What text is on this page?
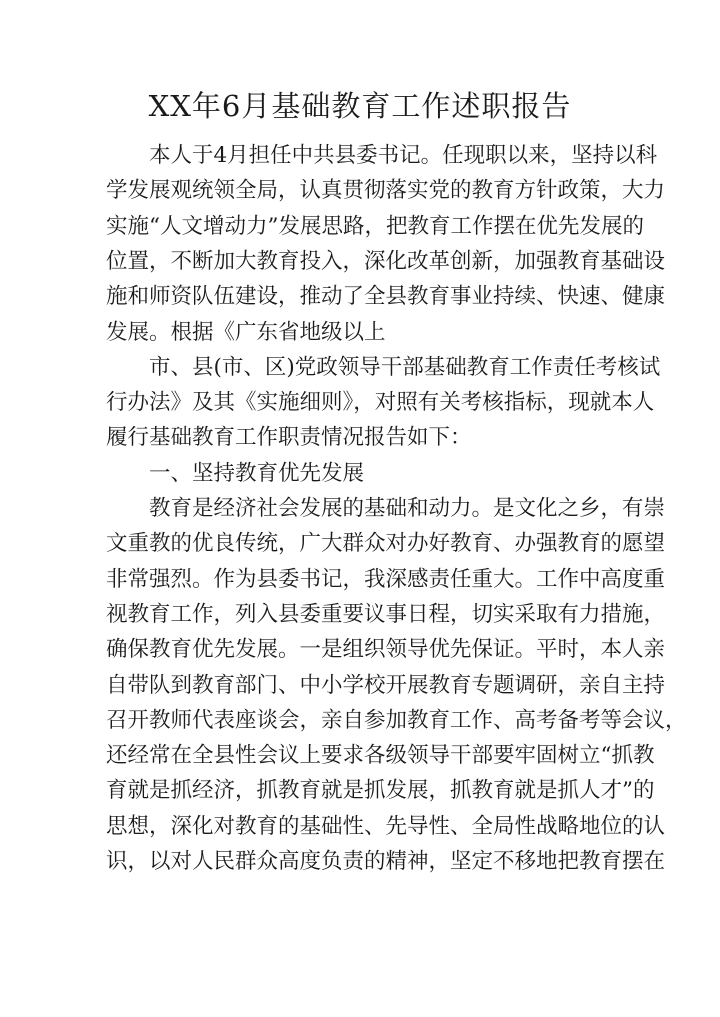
XX年6月基础教育工作述职报告
本人于4月担任中共县委书记。任现职以来，坚持以科
学发展观统领全局，认真贯彻落实党的教育方针政策，大力
实施“人文增动力”发展思路，把教育工作摆在优先发展的
位置，不断加大教育投入，深化改革创新，加强教育基础设
施和师资队伍建设，推动了全县教育事业持续、快速、健康
发展。根据《广东省地级以上
市、县(市、区)党政领导干部基础教育工作责任考核试
行办法》及其《实施细则》，对照有关考核指标，现就本人
履行基础教育工作职责情况报告如下：
一、坚持教育优先发展
教育是经济社会发展的基础和动力。是文化之乡，有崇
文重教的优良传统，广大群众对办好教育、办强教育的愿望
非常强烈。作为县委书记，我深感责任重大。工作中高度重
视教育工作，列入县委重要议事日程，切实采取有力措施，
确保教育优先发展。一是组织领导优先保证。平时，本人亲
自带队到教育部门、中小学校开展教育专题调研，亲自主持
召开教师代表座谈会，亲自参加教育工作、高考备考等会议，
还经常在全县性会议上要求各级领导干部要牢固树立“抓教
育就是抓经济，抓教育就是抓发展，抓教育就是抓人才”的
思想，深化对教育的基础性、先导性、全局性战略地位的认
识，以对人民群众高度负责的精神，坚定不移地把教育摆在
